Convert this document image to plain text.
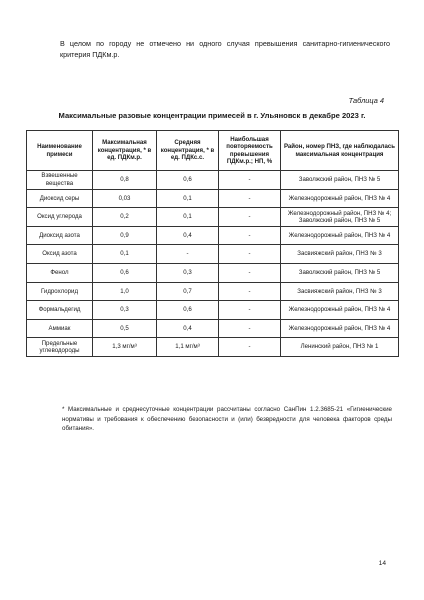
В целом по городу не отмечено ни одного случая превышения санитарно-гигиенического критерия ПДКм.р.
Таблица 4
Максимальные разовые концентрации примесей в г. Ульяновск в декабре 2023 г.
Наименование примеси	Максимальная концентрация, * в ед. ПДКм.р.	Средняя концентрация, * в ед. ПДКс.с.	Наибольшая повторяемость превышения ПДКм.р.; НП, %	Район, номер ПНЗ, где наблюдалась максимальная концентрация
Взвешенные вещества	0,8	0,6	-	Заволжский район, ПНЗ № 5
Диоксид серы	0,03	0,1	-	Железнодорожный район, ПНЗ № 4
Оксид углерода	0,2	0,1	-	Железнодорожный район, ПНЗ № 4; Заволжский район, ПНЗ № 5
Диоксид азота	0,9	0,4	-	Железнодорожный район, ПНЗ № 4
Оксид азота	0,1	-	-	Засвияжский район, ПНЗ № 3
Фенол	0,6	0,3	-	Заволжский район, ПНЗ № 5
Гидрохлорид	1,0	0,7	-	Засвияжский район, ПНЗ № 3
Формальдегид	0,3	0,6	-	Железнодорожный район, ПНЗ № 4
Аммиак	0,5	0,4	-	Железнодорожный район, ПНЗ № 4
Предельные углеводороды	1,3 мг/м³	1,1 мг/м³	-	Ленинский район, ПНЗ № 1
* Максимальные и среднесуточные концентрации рассчитаны согласно СанПин 1.2.3685-21 «Гигиенические нормативы и требования к обеспечению безопасности и (или) безвредности для человека факторов среды обитания».
14
